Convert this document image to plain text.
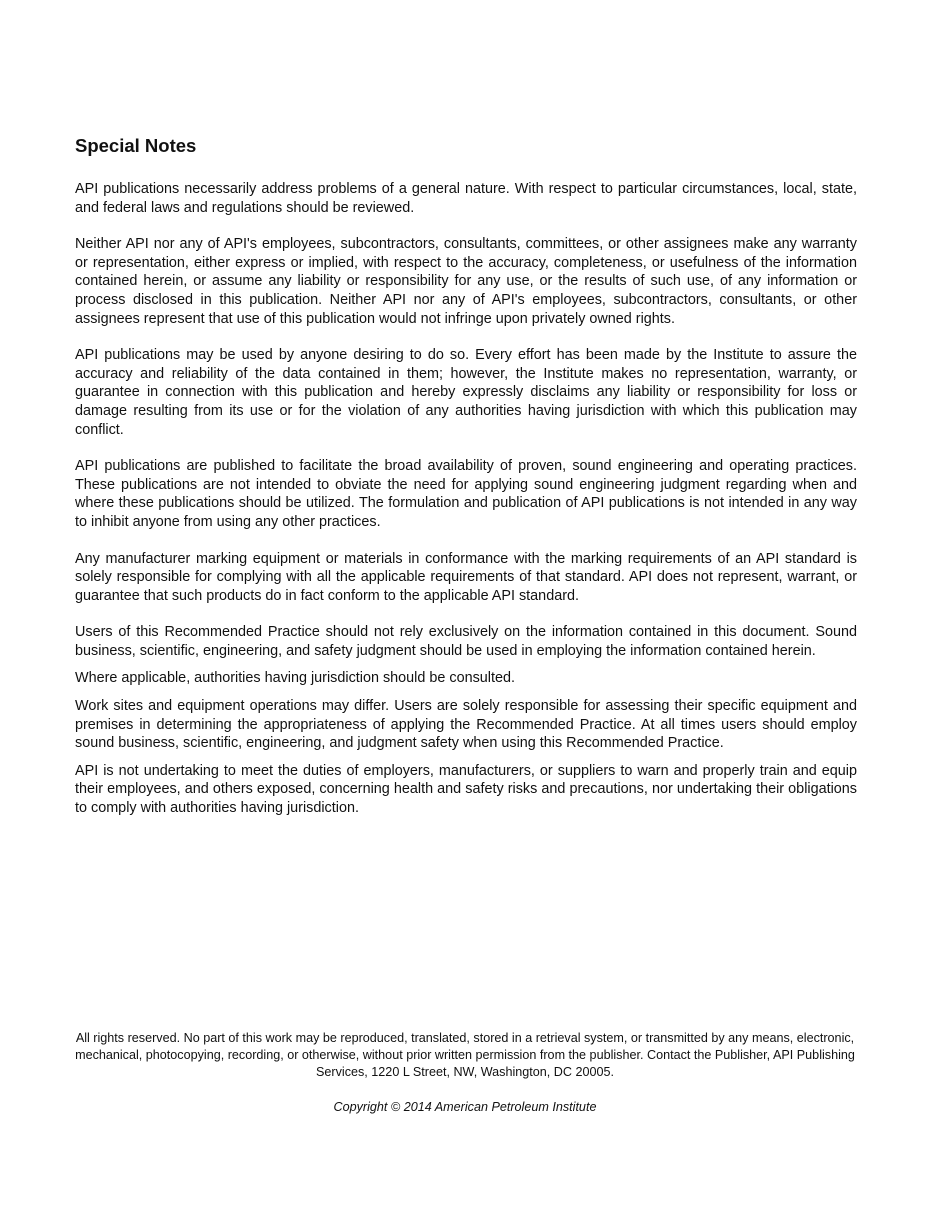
Special Notes

API publications necessarily address problems of a general nature. With respect to particular circumstances, local, state, and federal laws and regulations should be reviewed.

Neither API nor any of API's employees, subcontractors, consultants, committees, or other assignees make any warranty or representation, either express or implied, with respect to the accuracy, completeness, or usefulness of the information contained herein, or assume any liability or responsibility for any use, or the results of such use, of any information or process disclosed in this publication. Neither API nor any of API's employees, subcontractors, consultants, or other assignees represent that use of this publication would not infringe upon privately owned rights.

API publications may be used by anyone desiring to do so. Every effort has been made by the Institute to assure the accuracy and reliability of the data contained in them; however, the Institute makes no representation, warranty, or guarantee in connection with this publication and hereby expressly disclaims any liability or responsibility for loss or damage resulting from its use or for the violation of any authorities having jurisdiction with which this publication may conflict.

API publications are published to facilitate the broad availability of proven, sound engineering and operating practices. These publications are not intended to obviate the need for applying sound engineering judgment regarding when and where these publications should be utilized. The formulation and publication of API publications is not intended in any way to inhibit anyone from using any other practices.

Any manufacturer marking equipment or materials in conformance with the marking requirements of an API standard is solely responsible for complying with all the applicable requirements of that standard. API does not represent, warrant, or guarantee that such products do in fact conform to the applicable API standard.

Users of this Recommended Practice should not rely exclusively on the information contained in this document. Sound business, scientific, engineering, and safety judgment should be used in employing the information contained herein.

Where applicable, authorities having jurisdiction should be consulted.

Work sites and equipment operations may differ. Users are solely responsible for assessing their specific equipment and premises in determining the appropriateness of applying the Recommended Practice. At all times users should employ sound business, scientific, engineering, and judgment safety when using this Recommended Practice.

API is not undertaking to meet the duties of employers, manufacturers, or suppliers to warn and properly train and equip their employees, and others exposed, concerning health and safety risks and precautions, nor undertaking their obligations to comply with authorities having jurisdiction.

All rights reserved. No part of this work may be reproduced, translated, stored in a retrieval system, or transmitted by any means, electronic, mechanical, photocopying, recording, or otherwise, without prior written permission from the publisher. Contact the Publisher, API Publishing Services, 1220 L Street, NW, Washington, DC 20005.

Copyright © 2014 American Petroleum Institute
